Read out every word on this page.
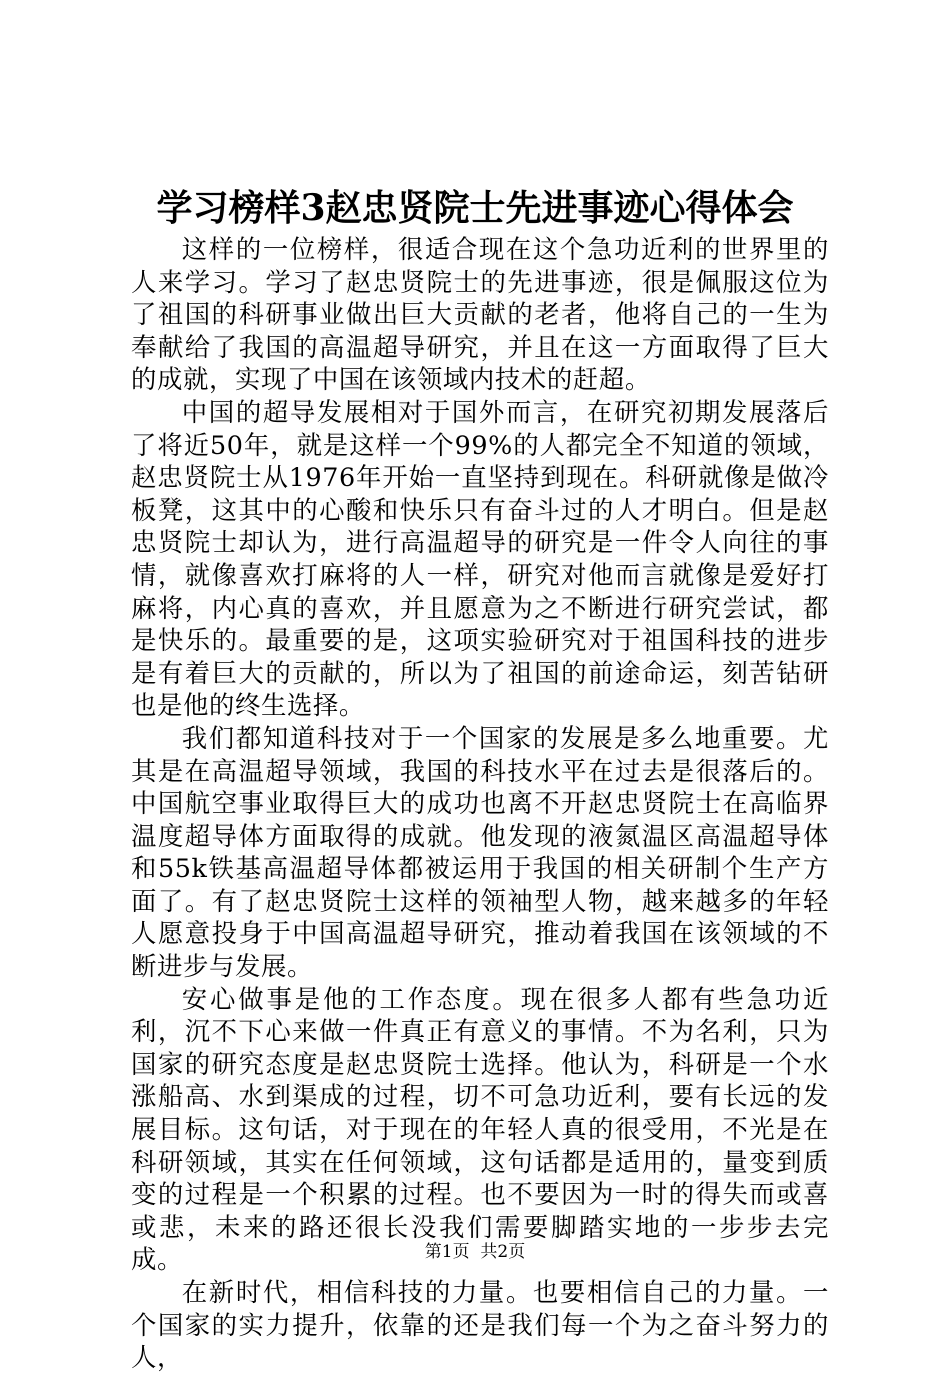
学习榜样3赵忠贤院士先进事迹心得体会

这样的一位榜样，很适合现在这个急功近利的世界里的人来学习。学习了赵忠贤院士的先进事迹，很是佩服这位为了祖国的科研事业做出巨大贡献的老者，他将自己的一生为奉献给了我国的高温超导研究，并且在这一方面取得了巨大的成就，实现了中国在该领域内技术的赶超。

中国的超导发展相对于国外而言，在研究初期发展落后了将近50年，就是这样一个99%的人都完全不知道的领域，赵忠贤院士从1976年开始一直坚持到现在。科研就像是做冷板凳，这其中的心酸和快乐只有奋斗过的人才明白。但是赵忠贤院士却认为，进行高温超导的研究是一件令人向往的事情，就像喜欢打麻将的人一样，研究对他而言就像是爱好打麻将，内心真的喜欢，并且愿意为之不断进行研究尝试，都是快乐的。最重要的是，这项实验研究对于祖国科技的进步是有着巨大的贡献的，所以为了祖国的前途命运，刻苦钻研也是他的终生选择。

我们都知道科技对于一个国家的发展是多么地重要。尤其是在高温超导领域，我国的科技水平在过去是很落后的。中国航空事业取得巨大的成功也离不开赵忠贤院士在高临界温度超导体方面取得的成就。他发现的液氮温区高温超导体和55k铁基高温超导体都被运用于我国的相关研制个生产方面了。有了赵忠贤院士这样的领袖型人物，越来越多的年轻人愿意投身于中国高温超导研究，推动着我国在该领域的不断进步与发展。

安心做事是他的工作态度。现在很多人都有些急功近利，沉不下心来做一件真正有意义的事情。不为名利，只为国家的研究态度是赵忠贤院士选择。他认为，科研是一个水涨船高、水到渠成的过程，切不可急功近利，要有长远的发展目标。这句话，对于现在的年轻人真的很受用，不光是在科研领域，其实在任何领域，这句话都是适用的，量变到质变的过程是一个积累的过程。也不要因为一时的得失而或喜或悲，未来的路还很长没我们需要脚踏实地的一步步去完成。

在新时代，相信科技的力量。也要相信自己的力量。一个国家的实力提升，依靠的还是我们每一个为之奋斗努力的人，

第1页  共2页
